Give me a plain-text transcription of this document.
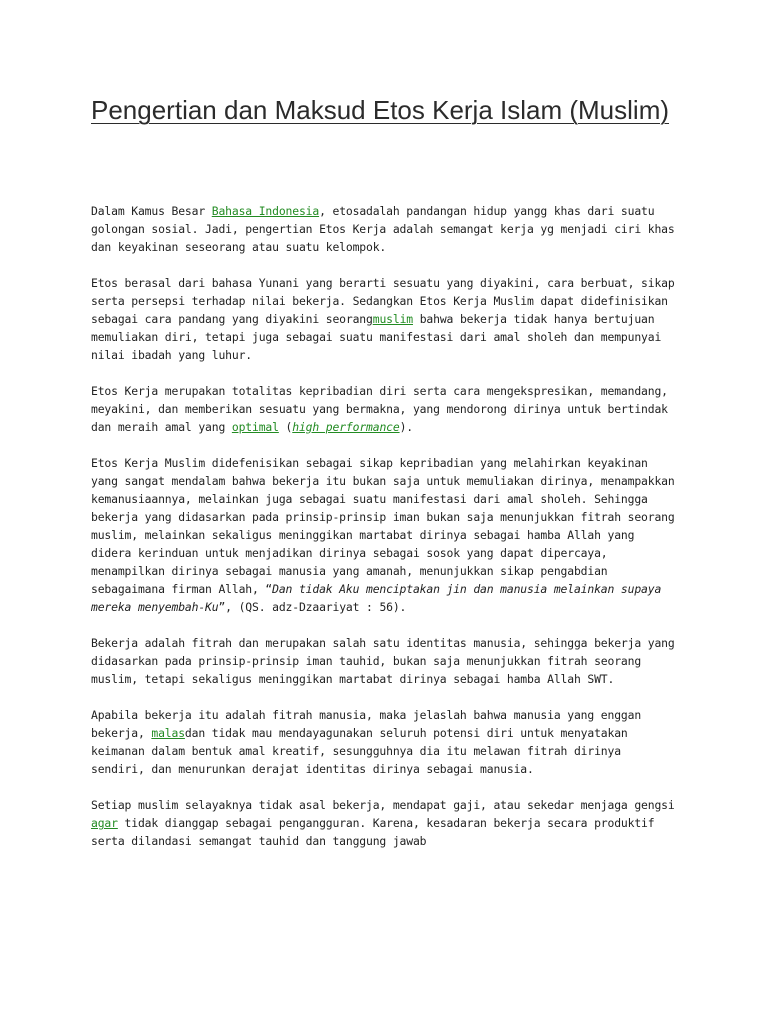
Pengertian dan Maksud Etos Kerja Islam (Muslim)

Dalam Kamus Besar Bahasa Indonesia, etosadalah pandangan hidup yangg khas dari suatu golongan sosial. Jadi, pengertian Etos Kerja adalah semangat kerja yg menjadi ciri khas dan keyakinan seseorang atau suatu kelompok.

Etos berasal dari bahasa Yunani yang berarti sesuatu yang diyakini, cara berbuat, sikap serta persepsi terhadap nilai bekerja. Sedangkan Etos Kerja Muslim dapat didefinisikan sebagai cara pandang yang diyakini seorangmuslim bahwa bekerja tidak hanya bertujuan memuliakan diri, tetapi juga sebagai suatu manifestasi dari amal sholeh dan mempunyai nilai ibadah yang luhur.

Etos Kerja merupakan totalitas kepribadian diri serta cara mengekspresikan, memandang, meyakini, dan memberikan sesuatu yang bermakna, yang mendorong dirinya untuk bertindak dan meraih amal yang optimal (high performance).

Etos Kerja Muslim didefenisikan sebagai sikap kepribadian yang melahirkan keyakinan yang sangat mendalam bahwa bekerja itu bukan saja untuk memuliakan dirinya, menampakkan kemanusiaannya, melainkan juga sebagai suatu manifestasi dari amal sholeh. Sehingga bekerja yang didasarkan pada prinsip-prinsip iman bukan saja menunjukkan fitrah seorang muslim, melainkan sekaligus meninggikan martabat dirinya sebagai hamba Allah yang didera kerinduan untuk menjadikan dirinya sebagai sosok yang dapat dipercaya, menampilkan dirinya sebagai manusia yang amanah, menunjukkan sikap pengabdian sebagaimana firman Allah, “Dan tidak Aku menciptakan jin dan manusia melainkan supaya mereka menyembah-Ku”, (QS. adz-Dzaariyat : 56).

Bekerja adalah fitrah dan merupakan salah satu identitas manusia, sehingga bekerja yang didasarkan pada prinsip-prinsip iman tauhid, bukan saja menunjukkan fitrah seorang muslim, tetapi sekaligus meninggikan martabat dirinya sebagai hamba Allah SWT.

Apabila bekerja itu adalah fitrah manusia, maka jelaslah bahwa manusia yang enggan bekerja, malasdan tidak mau mendayagunakan seluruh potensi diri untuk menyatakan keimanan dalam bentuk amal kreatif, sesungguhnya dia itu melawan fitrah dirinya sendiri, dan menurunkan derajat identitas dirinya sebagai manusia.

Setiap muslim selayaknya tidak asal bekerja, mendapat gaji, atau sekedar menjaga gengsi agar tidak dianggap sebagai pengangguran. Karena, kesadaran bekerja secara produktif serta dilandasi semangat tauhid dan tanggung jawab
